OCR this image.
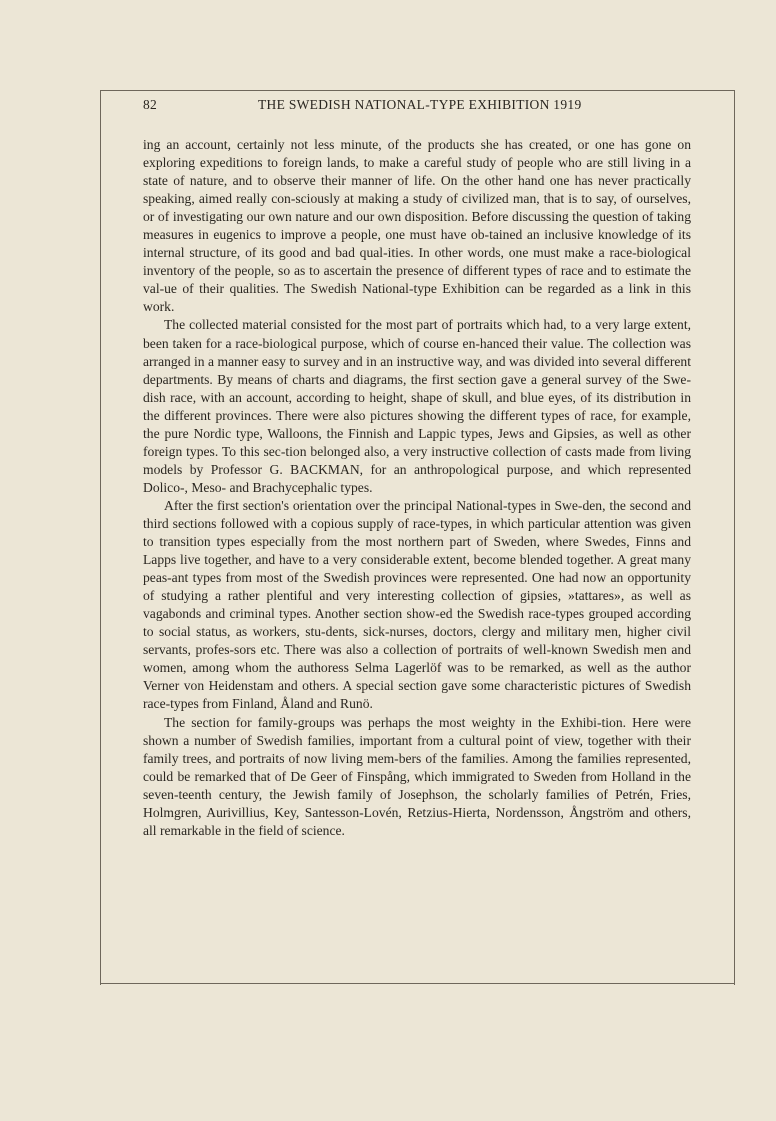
82	THE SWEDISH NATIONAL-TYPE EXHIBITION 1919

ing an account, certainly not less minute, of the products she has created, or one has gone on exploring expeditions to foreign lands, to make a careful study of people who are still living in a state of nature, and to observe their manner of life. On the other hand one has never practically speaking, aimed really con-sciously at making a study of civilized man, that is to say, of ourselves, or of investigating our own nature and our own disposition. Before discussing the question of taking measures in eugenics to improve a people, one must have ob-tained an inclusive knowledge of its internal structure, of its good and bad qual-ities. In other words, one must make a race-biological inventory of the people, so as to ascertain the presence of different types of race and to estimate the val-ue of their qualities. The Swedish National-type Exhibition can be regarded as a link in this work.

The collected material consisted for the most part of portraits which had, to a very large extent, been taken for a race-biological purpose, which of course en-hanced their value. The collection was arranged in a manner easy to survey and in an instructive way, and was divided into several different departments. By means of charts and diagrams, the first section gave a general survey of the Swe-dish race, with an account, according to height, shape of skull, and blue eyes, of its distribution in the different provinces. There were also pictures showing the different types of race, for example, the pure Nordic type, Walloons, the Finnish and Lappic types, Jews and Gipsies, as well as other foreign types. To this sec-tion belonged also, a very instructive collection of casts made from living models by Professor G. BACKMAN, for an anthropological purpose, and which represented Dolico-, Meso- and Brachycephalic types.

After the first section's orientation over the principal National-types in Swe-den, the second and third sections followed with a copious supply of race-types, in which particular attention was given to transition types especially from the most northern part of Sweden, where Swedes, Finns and Lapps live together, and have to a very considerable extent, become blended together. A great many peas-ant types from most of the Swedish provinces were represented. One had now an opportunity of studying a rather plentiful and very interesting collection of gipsies, »tattares», as well as vagabonds and criminal types. Another section show-ed the Swedish race-types grouped according to social status, as workers, stu-dents, sick-nurses, doctors, clergy and military men, higher civil servants, profes-sors etc. There was also a collection of portraits of well-known Swedish men and women, among whom the authoress Selma Lagerlöf was to be remarked, as well as the author Verner von Heidenstam and others. A special section gave some characteristic pictures of Swedish race-types from Finland, Åland and Runö.

The section for family-groups was perhaps the most weighty in the Exhibi-tion. Here were shown a number of Swedish families, important from a cultural point of view, together with their family trees, and portraits of now living mem-bers of the families. Among the families represented, could be remarked that of De Geer of Finspång, which immigrated to Sweden from Holland in the seven-teenth century, the Jewish family of Josephson, the scholarly families of Petrén, Fries, Holmgren, Aurivillius, Key, Santesson-Lovén, Retzius-Hierta, Nordensson, Ångström and others, all remarkable in the field of science.
